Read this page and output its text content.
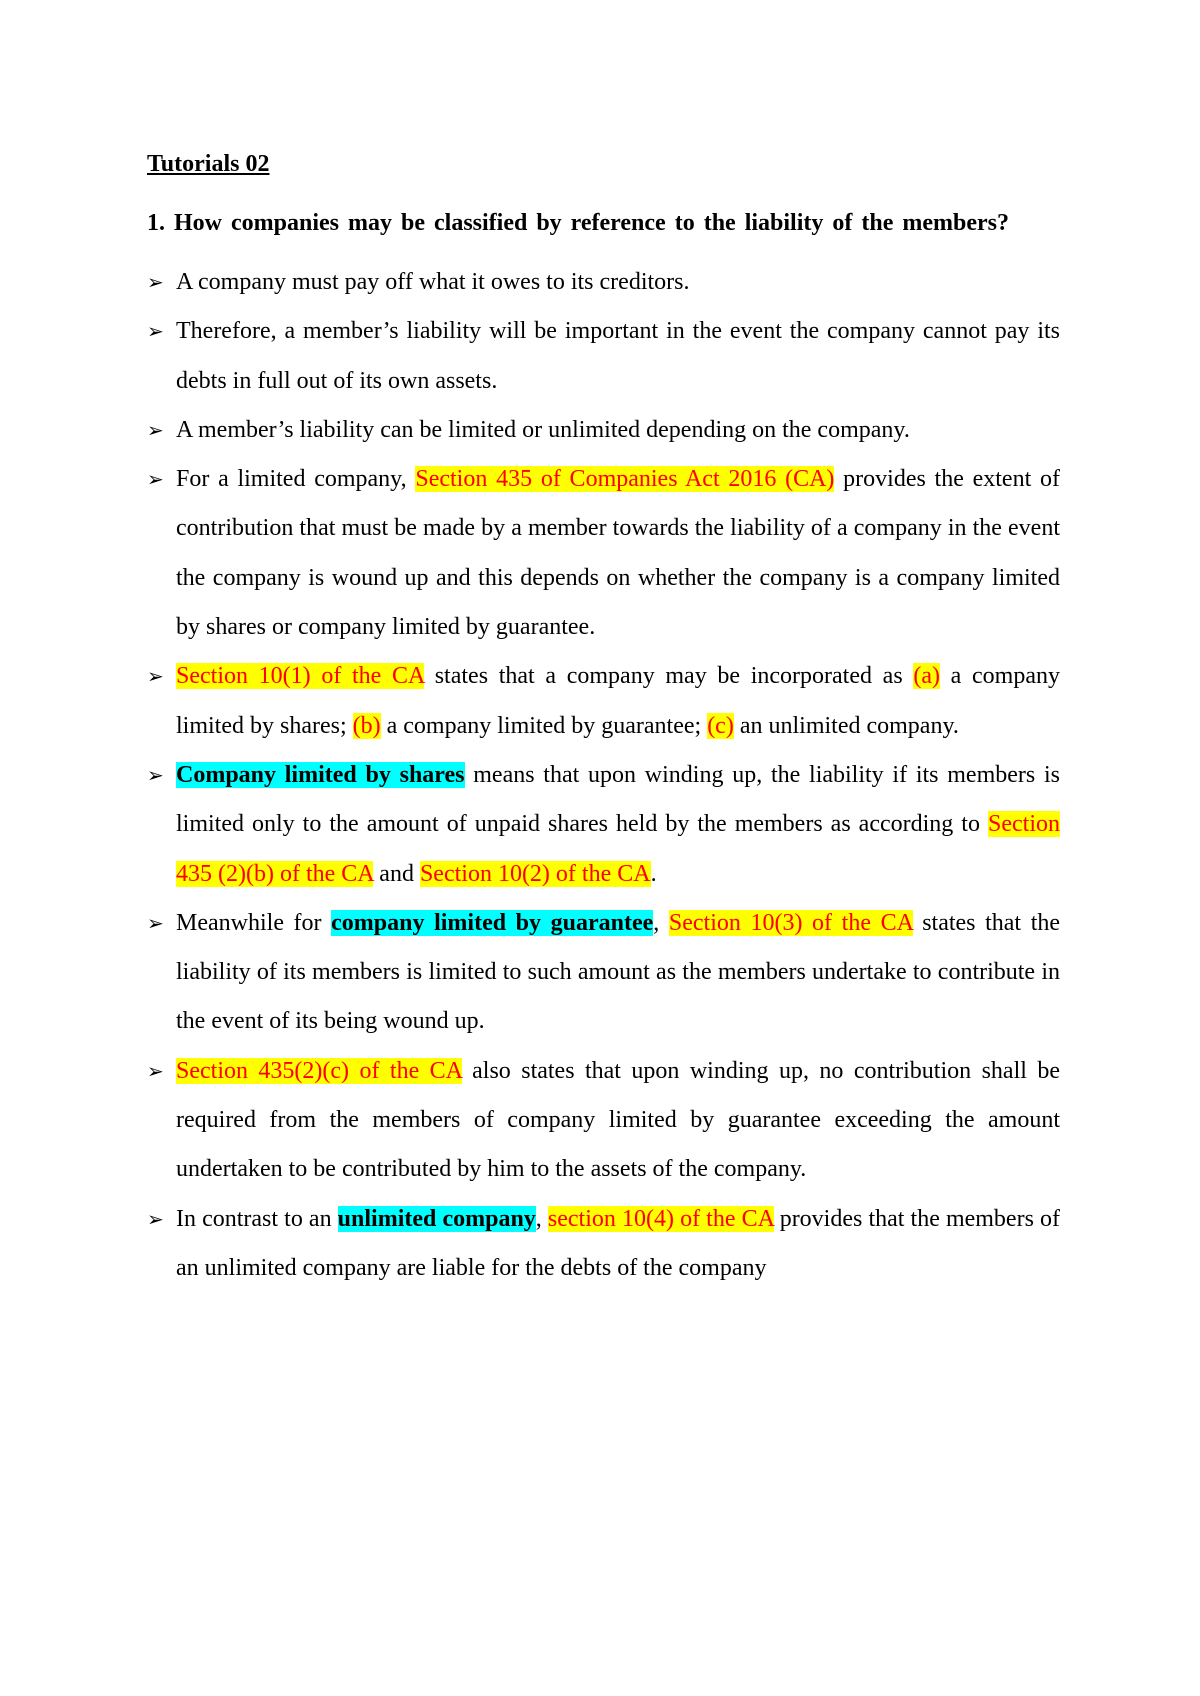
Tutorials 02
1. How companies may be classified by reference to the liability of the members?
➢ A company must pay off what it owes to its creditors.
➢ Therefore, a member’s liability will be important in the event the company cannot pay its debts in full out of its own assets.
➢ A member’s liability can be limited or unlimited depending on the company.
➢ For a limited company, Section 435 of Companies Act 2016 (CA) provides the extent of contribution that must be made by a member towards the liability of a company in the event the company is wound up and this depends on whether the company is a company limited by shares or company limited by guarantee.
➢ Section 10(1) of the CA states that a company may be incorporated as (a) a company limited by shares; (b) a company limited by guarantee; (c) an unlimited company.
➢ Company limited by shares means that upon winding up, the liability if its members is limited only to the amount of unpaid shares held by the members as according to Section 435 (2)(b) of the CA and Section 10(2) of the CA.
➢ Meanwhile for company limited by guarantee, Section 10(3) of the CA states that the liability of its members is limited to such amount as the members undertake to contribute in the event of its being wound up.
➢ Section 435(2)(c) of the CA also states that upon winding up, no contribution shall be required from the members of company limited by guarantee exceeding the amount undertaken to be contributed by him to the assets of the company.
➢ In contrast to an unlimited company, section 10(4) of the CA provides that the members of an unlimited company are liable for the debts of the company
